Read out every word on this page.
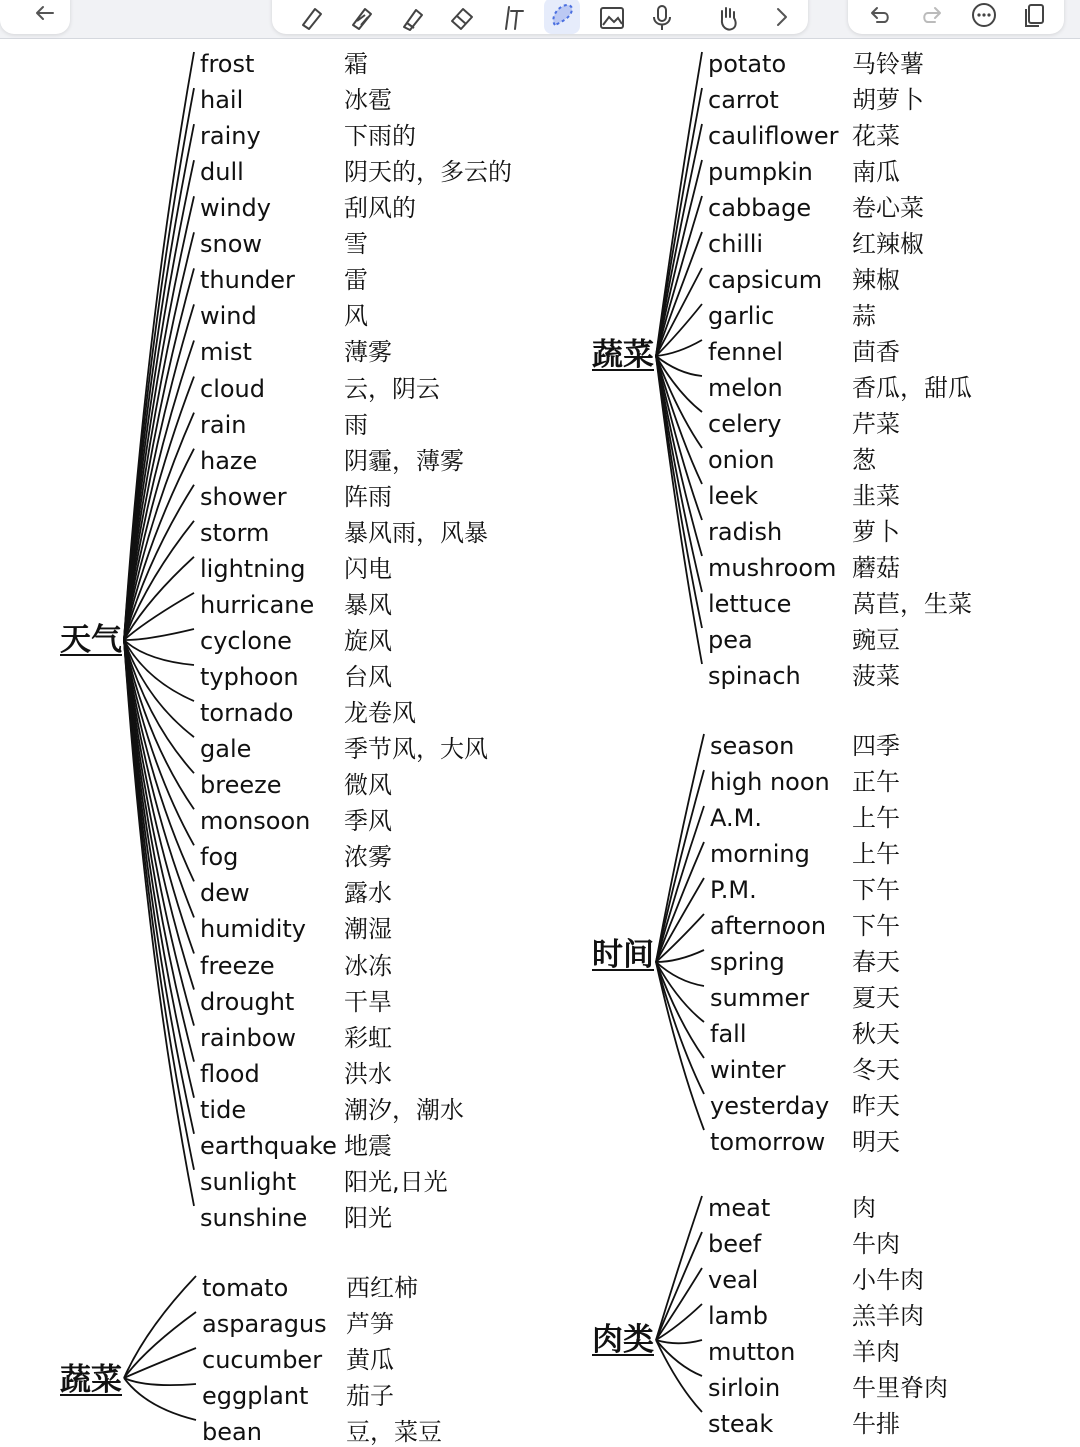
天气
frost	霜
hail	冰雹
rainy	下雨的
dull	阴天的，多云的
windy	刮风的
snow	雪
thunder 雷
wind	风
mist	薄雾
cloud	云，阴云
rain	雨
haze	阴霾，薄雾
shower 阵雨
storm	暴风雨，风暴
lightning 闪电
hurricane 暴风
cyclone 旋风
typhoon 台风
tornado 龙卷风
gale	季节风，大风
breeze	微风
monsoon 季风
fog	浓雾
dew	露水
humidity 潮湿
freeze	冰冻
drought 干旱
rainbow 彩虹
flood	洪水
tide	潮汐，潮水
earthquake 地震
sunlight 阳光,日光
sunshine 阳光
蔬菜
potato	马铃薯
carrot	胡萝卜
cauliflower 花菜
pumpkin 南瓜
cabbage 卷心菜
chilli	红辣椒
capsicum 辣椒
garlic	蒜
fennel	茴香
melon	香瓜，甜瓜
celery	芹菜
onion	葱
leek	韭菜
radish	萝卜
mushroom 蘑菇
lettuce	莴苣，生菜
pea	豌豆
spinach 菠菜
时间
season 四季
high noon 正午
A.M.	上午
morning 上午
P.M.	下午
afternoon 下午
spring	春天
summer 夏天
fall	秋天
winter	冬天
yesterday 昨天
tomorrow 明天
蔬菜
tomato 西红柿
asparagus 芦笋
cucumber 黄瓜
eggplant 茄子
bean	豆，菜豆
肉类
meat	肉
beef	牛肉
veal	小牛肉
lamb	羔羊肉
mutton 羊肉
sirloin	牛里脊肉
steak	牛排
